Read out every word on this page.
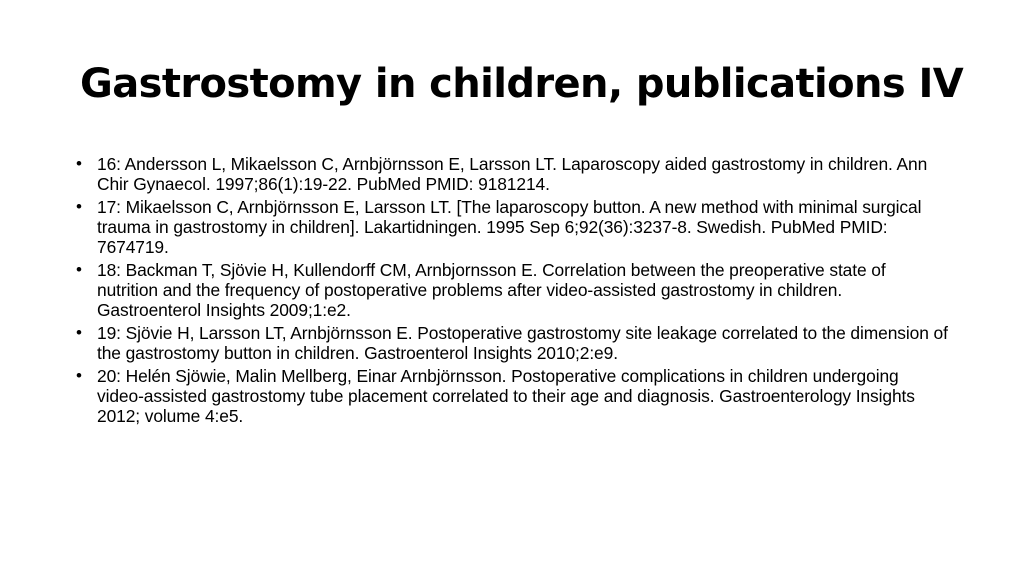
Gastrostomy in children, publications IV
• 16: Andersson L, Mikaelsson C, Arnbjörnsson E, Larsson LT. Laparoscopy aided gastrostomy in children. Ann Chir Gynaecol. 1997;86(1):19-22. PubMed PMID: 9181214.
• 17: Mikaelsson C, Arnbjörnsson E, Larsson LT. [The laparoscopy button. A new method with minimal surgical trauma in gastrostomy in children]. Lakartidningen. 1995 Sep 6;92(36):3237-8. Swedish. PubMed PMID: 7674719.
• 18: Backman T, Sjövie H, Kullendorff CM, Arnbjornsson E. Correlation between the preoperative state of nutrition and the frequency of postoperative problems after video-assisted gastrostomy in children. Gastroenterol Insights 2009;1:e2.
• 19: Sjövie H, Larsson LT, Arnbjörnsson E. Postoperative gastrostomy site leakage correlated to the dimension of the gastrostomy button in children. Gastroenterol Insights 2010;2:e9.
• 20: Helén Sjöwie, Malin Mellberg, Einar Arnbjörnsson. Postoperative complications in children undergoing video-assisted gastrostomy tube placement correlated to their age and diagnosis. Gastroenterology Insights 2012; volume 4:e5.
